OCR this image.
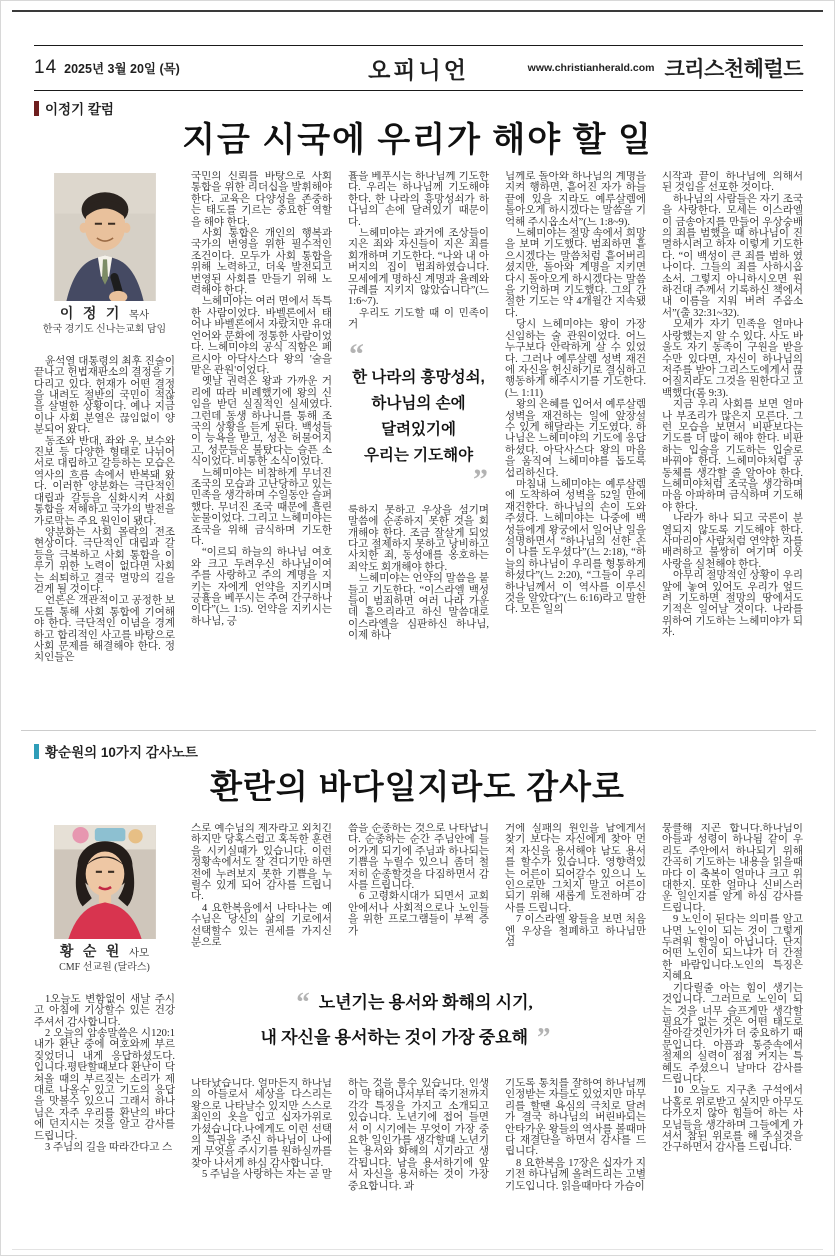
14 2025년 3월 20일 (목)	오피니언	www.christianherald.com 크리스천헤럴드
이정기 칼럼
지금 시국에 우리가 해야 할 일
이 정 기 목사
한국 경기도 신나는교회 담임

윤석열 대통령의 최후 진술이 끝나고 헌법재판소의 결정을 기다리고 있다. 헌재가 어떤 결정을 내려도 절반의 국민이 적잖을 살벌한 상황이다. 예나 지금이나 사회 분열은 끊임없이 양분되어 왔다.

동조와 반대, 좌와 우, 보수와 진보 등 다양한 형태로 나뉘어 서로 대립하고 갈등하는 모습은 역사의 흐름 속에서 반복돼 왔다. 이러한 양분화는 극단적인 대립과 갈등을 심화시켜 사회 통합을 저해하고 국가의 발전을 가로막는 주요 원인이 됐다.

양분화는 사회 몰락의 전조 현상이다. 극단적인 대립과 갈등을 극복하고 사회 통합을 이루기 위한 노력이 없다면 사회는 쇠퇴하고 결국 멸망의 길을 걷게 될 것이다.

언론은 객관적이고 공정한 보도를 통해 사회 통합에 기여해야 한다. 극단적인 이념을 경계하고 합리적인 사고를 바탕으로 사회 문제를 해결해야 한다. 정치인들은

국민의 신뢰를 바탕으로 사회 통합을 위한 리더십을 발휘해야 한다. 교육은 다양성을 존중하는 태도를 기르는 중요한 역할을 해야 한다.

사회 통합은 개인의 행복과 국가의 번영을 위한 필수적인 조건이다. 모두가 사회 통합을 위해 노력하고, 더욱 발전되고 번영된 사회를 만들기 위해 노력해야 한다.

느헤미야는 여러 면에서 독특한 사람이었다. 바벨론에서 태어나 바벨론에서 자랐지만 유대 언어와 문화에 정통한 사람이었다. 느헤미야의 공식 직함은 페르시아 아닥사스다 왕의 '술을 맡은 관원'이었다.

옛날 권력은 왕과 가까운 거리에 따라 비례했기에 왕의 신임을 받던 실질적인 실세였다. 그런데 동생 하나니를 통해 조국의 상황을 듣게 된다. 백성들이 능욕을 받고, 성은 허물어지고, 성문들은 불탔다는 슬픈 소식이었다. 비통한 소식이었다.

느헤미야는 비참하게 무너진 조국의 모습과 고난당하고 있는 민족을 생각하며 수일동안 슬퍼했다. 무너진 조국 때문에 흘린 눈물이었다. 그리고 느헤미야는 조국을 위해 금식하며 기도한다.

“이르되 하늘의 하나님 여호와 크고 두려우신 하나님이여 주를 사랑하고 주의 계명을 지키는 자에게 언약을 지키시며 긍휼을 베푸시는 주여 간구하나이다”(느 1:5). 언약을 지키시는 하나님, 긍

휼을 베푸시는 하나님께 기도한다. 우리는 하나님께 기도해야 한다. 한 나라의 흥망성쇠가 하나님의 손에 달려있기 때문이다.

느헤미야는 과거에 조상들이 지은 죄와 자신들이 지은 죄를 회개하며 기도한다. “나와 내 아버지의 집이 범죄하였습니다. 모세에게 명하신 계명과 율례와 규례를 지키지 않았습니다”(느 1:6~7).

우리도 기도할 때 이 민족이 거

“
한 나라의 흥망성쇠,
하나님의 손에
달려있기에
우리는 기도해야
”

룩하지 못하고 우상을 섬기며 말씀에 순종하지 못한 것을 회개해야 한다. 조금 잘살게 되었다고 절제하지 못하고 낭비하고 사치한 죄, 동성애를 옹호하는 죄악도 회개해야 한다.

느헤미야는 언약의 말씀을 붙들고 기도한다. “이스라엘 백성들이 범죄하면 여러 나라 가운데 흩으리라고 하신 말씀대로 이스라엘을 심판하신 하나님, 이제 하나

님께로 돌아와 하나님의 계명을 지켜 행하면, 흩어진 자가 하늘 끝에 있을 지라도 예루살렘에 돌아오게 하시겠다는 말씀을 기억해 주시옵소서”(느 1:8~9).

느헤미야는 절망 속에서 희망을 보며 기도했다. 범죄하면 흩으시겠다는 말씀처럼 흩어버리셨지만, 돌아와 계명을 지키면 다시 돌아오게 하시겠다는 말씀을 기억하며 기도했다. 그의 간절한 기도는 약 4개월간 지속됐다.

당시 느헤미야는 왕이 가장 신임하는 술 관원이었다. 어느 누구보다 안락하게 살 수 있었다. 그러나 예루살렘 성벽 재건에 자신을 헌신하기로 결심하고 행동하게 해주시기를 기도한다.(느 1:11)

왕의 은혜를 입어서 예루살렘 성벽을 재건하는 일에 앞장설 수 있게 해달라는 기도였다. 하나님은 느헤미야의 기도에 응답하셨다. 아닥사스다 왕의 마음을 움직여 느헤미야를 돕도록 섭리하신다.

마침내 느헤미야는 예루살렘에 도착하여 성벽을 52일 만에 재건한다. 하나님의 손이 도와주셨다. 느헤미야는 나중에 백성들에게 왕궁에서 일어난 일을 설명하면서 “하나님의 선한 손이 나를 도우셨다”(느 2:18), “하늘의 하나님이 우리를 형통하게 하셨다”(느 2:20), “그들이 우리 하나님께서 이 역사를 이루신 것을 알았다”(느 6:16)라고 말한다. 모든 일의

시작과 끝이 하나님에 의해서 된 것임을 선포한 것이다.

하나님의 사람들은 자기 조국을 사랑한다. 모세는 이스라엘이 금송아지를 만들어 우상숭배의 죄를 범했을 때 하나님이 진멸하시려고 하자 이렇게 기도한다. “이 백성이 큰 죄를 범하 였나이다. 그들의 죄를 사하시옵소서. 그렇지 아니하시오면 원하건대 주께서 기록하신 책에서 내 이름을 지워 버려 주옵소서”(출 32:31~32).

모세가 자기 민족을 얼마나 사랑했는지 알 수 있다. 사도 바울도 자기 동족이 구원을 받을 수만 있다면, 자신이 하나님의 저주를 받아 그리스도에게서 끊어질지라도 그것을 원한다고 고백했다(롬 9:3).

지금 우리 사회를 보면 얼마나 부조리가 많은지 모른다. 그런 모습을 보면서 비판보다는 기도를 더 많이 해야 한다. 비판하는 입술을 기도하는 입술로 바꿔야 한다. 느헤미야처럼 공동체를 생각할 줄 알아야 한다. 느헤미야처럼 조국을 생각하며 마음 아파하며 금식하며 기도해야 한다.

나라가 하나 되고 국론이 분열되지 않도록 기도해야 한다. 사마리아 사람처럼 연약한 자를 배려하고 불쌍히 여기며 이웃 사랑을 실천해야 한다.

아무리 절망적인 상황이 우리 앞에 놓여 있어도 우리가 엎드려 기도하면 절망의 땅에서도 기적은 일어날 것이다. 나라를 위하여 기도하는 느헤미야가 되자.

황순원의 10가지 감사노트
환란의 바다일지라도 감사로
황 순 원 사모
CMF 선교원 (달라스)

1오늘도 변함없이 새날 주시고 아침에 기상할수 있는 건강주셔서 감사합니다.

2 오늘의 암송말씀은 시120:1 내가 환난 중에 여호와께 부르짖었더니 내게 응답하셨도다. 입니다.평탄할때보다 환난이 닥쳐올 때의 부르짖는 소리가 제대로 나올수 있고 기도의 응답을 맛볼수 있으니 그래서 하나님은 자주 우리를 환난의 바다에 던지시는 것을 알고 감사를 드립니다.

3 주님의 길을 따라간다고 스

스로 예수님의 제자라고 외치긴 하지만 당혹스럽고 혹독한 훈련을 시키실때가 있습니다. 이런 정황속에서도 잘 견디기만 하면 전에 누려보지 못한 기쁨을 누릴수 있게 되어 감사를 드립니다.

4 요한복음에서 나타나는 예수님은 당신의 삶의 기로에서 선택할수 있는 권세를 가지신 분으로

나타났습니다. 얼마든지 하나님의 아들로서 세상을 다스리는 왕으로 나타날수 있지만 스스로 죄인의 옷을 입고 십자가위로 가셨습니다.나에게도 이런 선택의 특권을 주신 하나님이 나에게 무엇을 주시기를 원하실까를 찾아 나서게 하심 감사합니다.

5 주님을 사랑하는 자는 곧 말

씀을 순종하는 것으로 나타납니다. 순종하는 순간 주님안에 들어가게 되기에 주님과 하나되는 기쁨을 누릴수 있으니 좀더 철저히 순종할것을 다짐하면서 감사를 드립니다.

6 고령화시대가 되면서 교회 안에서나 사회적으로나 노인들을 위한 프로그램들이 부쩍 증가

하는 것을 볼수 있습니다. 인생이 막 태어나서부터 죽기전까지 각각 특징을 가지고 소개되고 있습니다. 노년기에 접어 들면서 이 시기에는 무엇이 가장 중요한 일인가를 생각할때 노년기는 용서와 화해의 시기라고 생각됩니다. 남을 용서하기에 앞서 자신을 용서하는 것이 가장 중요합니다. 과

거에 실패의 원인을 남에게서 찾기 보다는 자신에게 찾아 먼저 자신을 용서해야 남도 용서를 할수가 있습니다. 영향력있는 어른이 되어갈수 있으니 노인으로만 그치지 말고 어른이 되기 위해 새롭게 도전하며 감사를 드립니다.

7 이스라엘 왕들을 보면 처음엔 우상을 철폐하고 하나님만 섬

기도록 통치를 잘하여 하나님께 인정받는 자들도 있었지만 마무리를 할땐 욕심의 극치로 달려가 결국 하나님의 버린바되는 안타가운 왕들의 역사를 볼때마다 재결단을 하면서 감사를 드립니다.

8 요한복음 17장은 십자가 지기전 하나님께 올려드리는 고별기도입니다. 읽을때마다 가슴이

뭉클해 지곤 합니다.하나님이 아들과 성령이 하나됨 같이 우리도 주안에서 하나되기 위해 간곡히 기도하는 내용을 읽을때마다 이 축복이 얼마나 크고 위대한지. 또한 얼마나 신비스러운 일인지를 알게 하심 감사를 드립니다.

9 노인이 된다는 의미를 알고 나면 노인이 되는 것이 그렇게 두려워 할일이 아닙니다. 단지 어떤 노인이 되느냐가 더 간절한 바람입니다.노인의 특징은 지혜요

기다릴줄 아는 힘이 생기는 것입니다. 그러므로 노인이 되는 것을 너무 슬프게만 생각할 필요가 없는 것은 어떤 태도로 살아갈것인가가 더 중요하기 때문입니다. 아픔과 통증속에서 절제의 실력이 점점 커지는 특혜도 주셨으니 날마다 감사를 드립니다.

10 오늘도 지구촌 구석에서 나홀로 위로받고 싶지만 아무도 다가오지 않아 힘들어 하는 사모님들을 생각하며 그들에게 가셔서 참된 위로를 해 주실것을 간구하면서 감사를 드립니다.

“ 노년기는 용서와 화해의 시기,
내 자신을 용서하는 것이 가장 중요해 ”
